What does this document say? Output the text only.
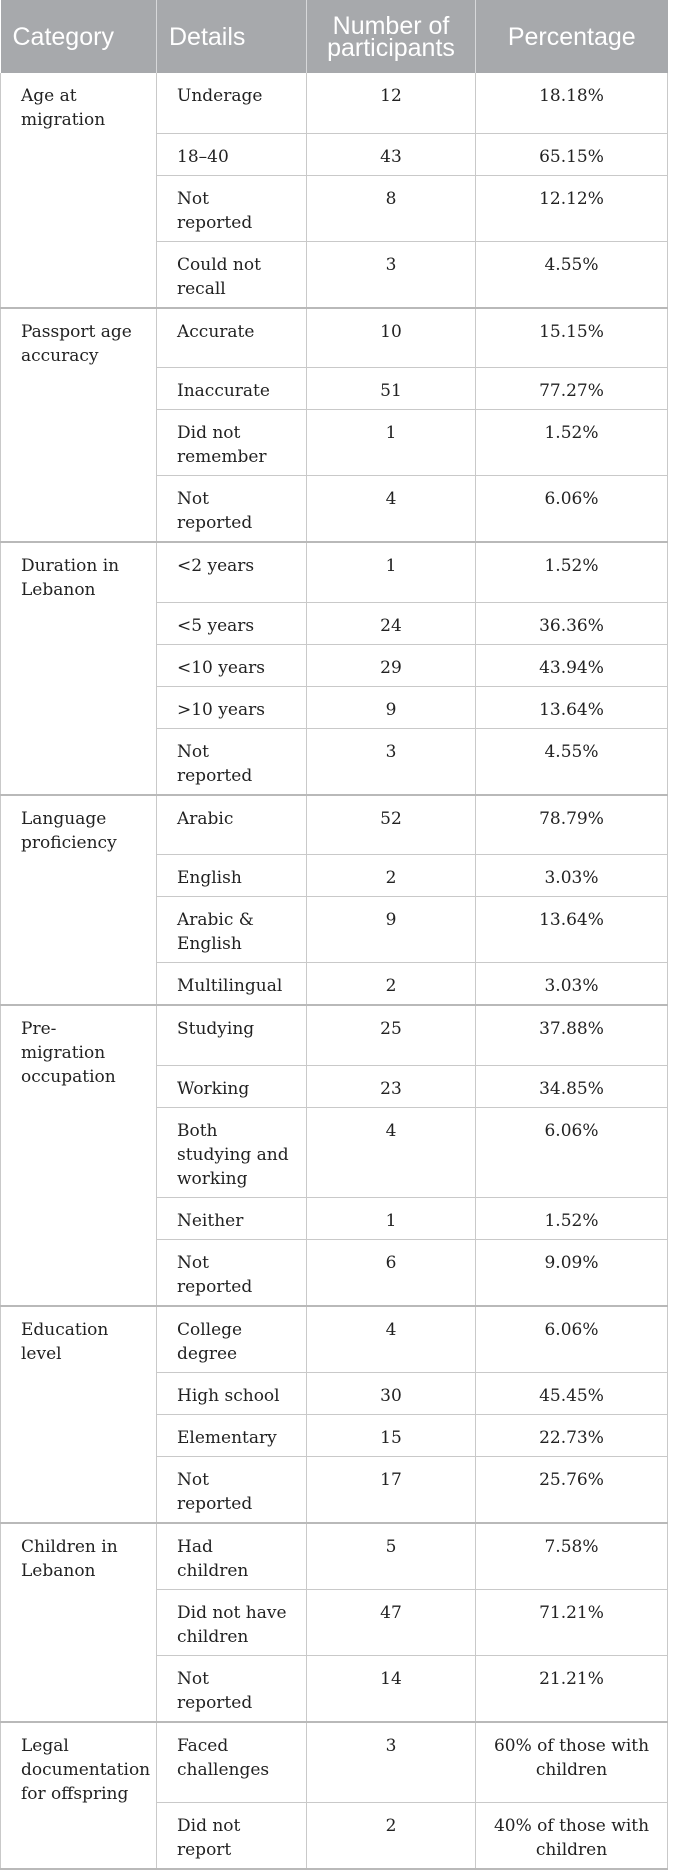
Category	Details	Number of participants	Percentage
Age at migration	Underage	12	18.18%
	18–40	43	65.15%
	Not reported	8	12.12%
	Could not recall	3	4.55%
Passport age accuracy	Accurate	10	15.15%
	Inaccurate	51	77.27%
	Did not remember	1	1.52%
	Not reported	4	6.06%
Duration in Lebanon	<2 years	1	1.52%
	<5 years	24	36.36%
	<10 years	29	43.94%
	>10 years	9	13.64%
	Not reported	3	4.55%
Language proficiency	Arabic	52	78.79%
	English	2	3.03%
	Arabic & English	9	13.64%
	Multilingual	2	3.03%
Pre-migration occupation	Studying	25	37.88%
	Working	23	34.85%
	Both studying and working	4	6.06%
	Neither	1	1.52%
	Not reported	6	9.09%
Education level	College degree	4	6.06%
	High school	30	45.45%
	Elementary	15	22.73%
	Not reported	17	25.76%
Children in Lebanon	Had children	5	7.58%
	Did not have children	47	71.21%
	Not reported	14	21.21%
Legal documentation for offspring	Faced challenges	3	60% of those with children
	Did not report	2	40% of those with children
